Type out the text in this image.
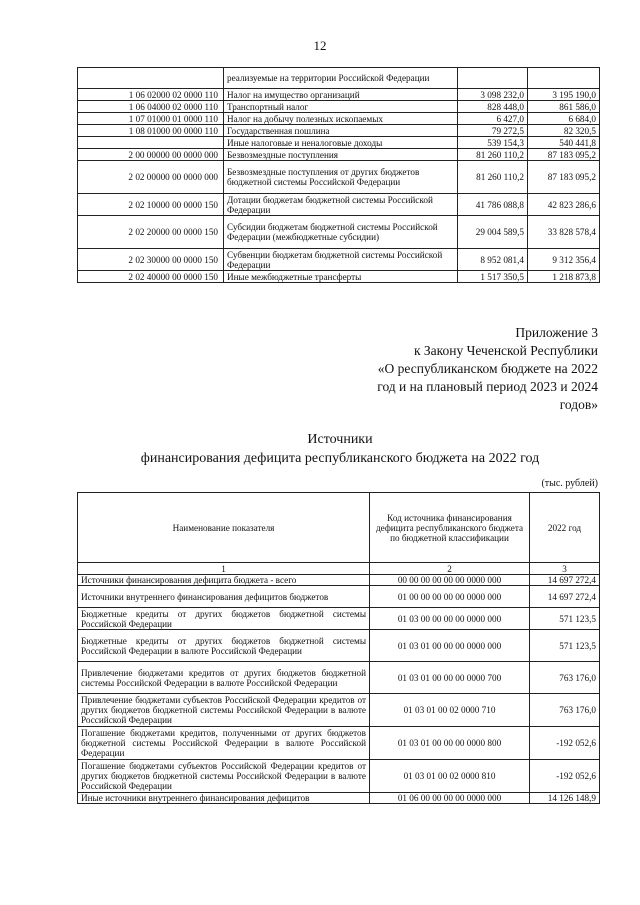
12
	реализуемые на территории Российской Федерации		
1 06 02000 02 0000 110	Налог на имущество организаций	3 098 232,0	3 195 190,0
1 06 04000 02 0000 110	Транспортный налог	828 448,0	861 586,0
1 07 01000 01 0000 110	Налог на добычу полезных ископаемых	6 427,0	6 684,0
1 08 01000 00 0000 110	Государственная пошлина	79 272,5	82 320,5
	Иные налоговые и неналоговые доходы	539 154,3	540 441,8
2 00 00000 00 0000 000	Безвозмездные поступления	81 260 110,2	87 183 095,2
2 02 00000 00 0000 000	Безвозмездные поступления от других бюджетов бюджетной системы Российской Федерации	81 260 110,2	87 183 095,2
2 02 10000 00 0000 150	Дотации бюджетам бюджетной системы Российской Федерации	41 786 088,8	42 823 286,6
2 02 20000 00 0000 150	Субсидии бюджетам бюджетной системы Российской Федерации (межбюджетные субсидии)	29 004 589,5	33 828 578,4
2 02 30000 00 0000 150	Субвенции бюджетам бюджетной системы Российской Федерации	8 952 081,4	9 312 356,4
2 02 40000 00 0000 150	Иные межбюджетные трансферты	1 517 350,5	1 218 873,8
Приложение 3
к Закону Чеченской Республики
«О республиканском бюджете на 2022
год и на плановый период 2023 и 2024
годов»
Источники
финансирования дефицита республиканского бюджета на 2022 год
(тыс. рублей)
Наименование показателя	Код источника финансирования дефицита республиканского бюджета по бюджетной классификации	2022 год
1	2	3
Источники финансирования дефицита бюджета - всего	00 00 00 00 00 00 0000 000	14 697 272,4
Источники внутреннего финансирования дефицитов бюджетов	01 00 00 00 00 00 0000 000	14 697 272,4
Бюджетные кредиты от других бюджетов бюджетной системы Российской Федерации	01 03 00 00 00 00 0000 000	571 123,5
Бюджетные кредиты от других бюджетов бюджетной системы Российской Федерации в валюте Российской Федерации	01 03 01 00 00 00 0000 000	571 123,5
Привлечение бюджетами кредитов от других бюджетов бюджетной системы Российской Федерации в валюте Российской Федерации	01 03 01 00 00 00 0000 700	763 176,0
Привлечение бюджетами субъектов Российской Федерации кредитов от других бюджетов бюджетной системы Российской Федерации в валюте Российской Федерации	01 03 01 00 02 0000 710	763 176,0
Погашение бюджетами кредитов, полученными от других бюджетов бюджетной системы Российской Федерации в валюте Российской Федерации	01 03 01 00 00 00 0000 800	-192 052,6
Погашение бюджетами субъектов Российской Федерации кредитов от других бюджетов бюджетной системы Российской Федерации в валюте Российской Федерации	01 03 01 00 02 0000 810	-192 052,6
Иные источники внутреннего финансирования дефицитов	01 06 00 00 00 00 0000 000	14 126 148,9
